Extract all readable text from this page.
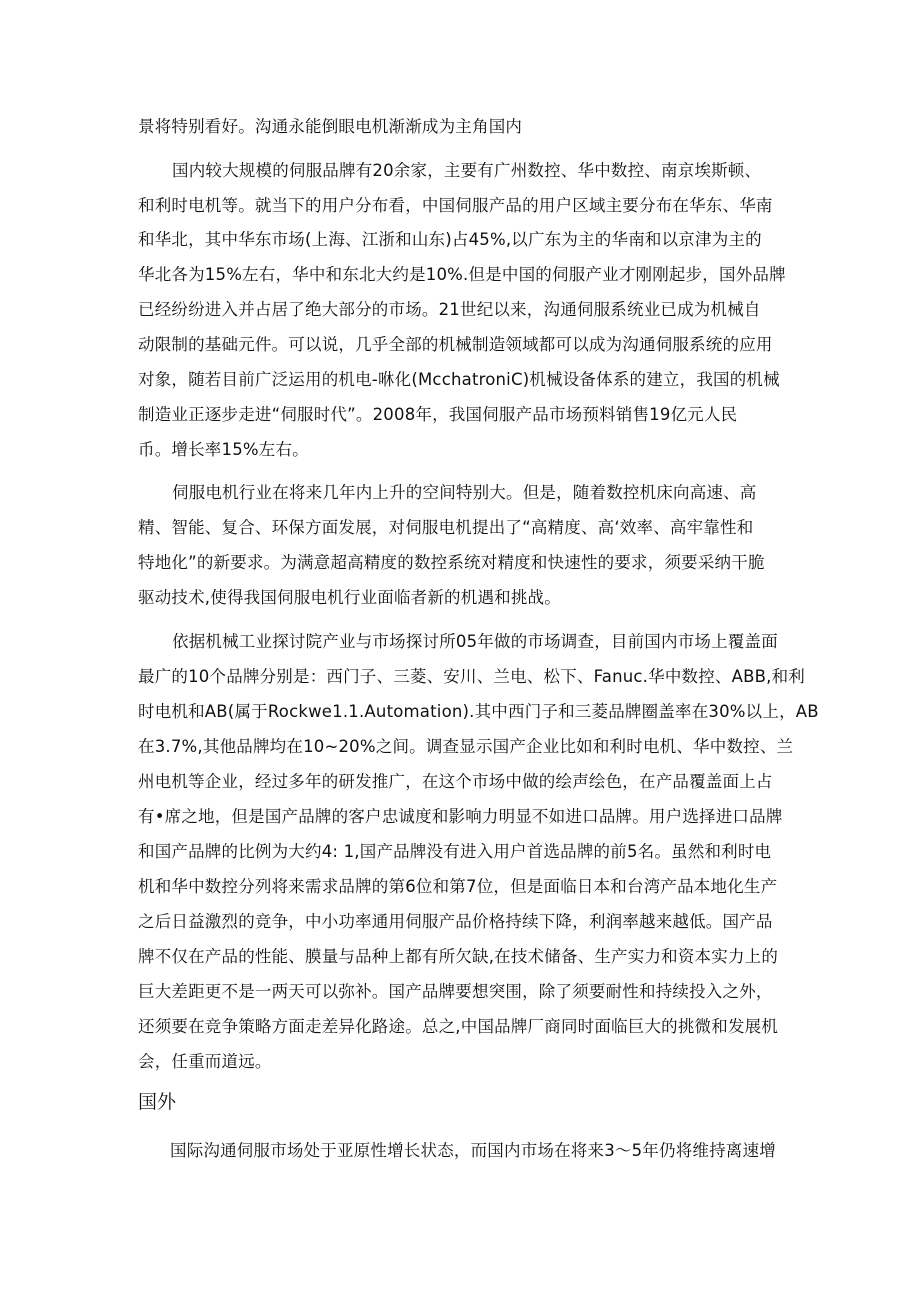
景将特别看好。沟通永能倒眼电机渐渐成为主角国内
国内较大规模的伺服品牌有20余家，主要有广州数控、华中数控、南京埃斯顿、
和利时电机等。就当下的用户分布看，中国伺服产品的用户区域主要分布在华东、华南
和华北，其中华东市场(上海、江浙和山东)占45%,以广东为主的华南和以京津为主的
华北各为15%左右，华中和东北大约是10%.但是中国的伺服产业才刚刚起步，国外品牌
已经纷纷进入并占居了绝大部分的市场。21世纪以来，沟通伺服系统业已成为机械自
动限制的基础元件。可以说，几乎全部的机械制造领域都可以成为沟通伺服系统的应用
对象，随若目前广泛运用的机电-咻化(McchatroniC)机械设备体系的建立，我国的机械
制造业正逐步走进“伺服时代”。2008年，我国伺服产品市场预料销售19亿元人民
币。增长率15%左右。
伺服电机行业在将来几年内上升的空间特别大。但是，随着数控机床向高速、高
精、智能、复合、环保方面发展，对伺服电机提出了“高精度、高‘效率、高牢靠性和
特地化”的新要求。为满意超高精度的数控系统对精度和快速性的要求，须要采纳干脆
驱动技术,使得我国伺服电机行业面临者新的机遇和挑战。
依据机械工业探讨院产业与市场探讨所05年做的市场调查，目前国内市场上覆盖面
最广的10个品牌分别是：西门子、三菱、安川、兰电、松下、Fanuc.华中数控、ABB,和利
时电机和AB(属于Rockwe1.1.Automation).其中西门子和三菱品牌圈盖率在30%以上，AB
在3.7%,其他品牌均在10~20%之间。调查显示国产企业比如和利时电机、华中数控、兰
州电机等企业，经过多年的研发推广，在这个市场中做的绘声绘色，在产品覆盖面上占
有•席之地，但是国产品牌的客户忠诚度和影响力明显不如进口品牌。用户选择进口品牌
和国产品牌的比例为大约4: 1,国产品牌没有进入用户首选品牌的前5名。虽然和利时电
机和华中数控分列将来需求品牌的第6位和第7位，但是面临日本和台湾产品本地化生产
之后日益激烈的竞争，中小功率通用伺服产品价格持续下降，利润率越来越低。国产品
牌不仅在产品的性能、膜量与品种上都有所欠缺,在技术储备、生产实力和资本实力上的
巨大差距更不是一两天可以弥补。国产品牌要想突围，除了须要耐性和持续投入之外，
还须要在竞争策略方面走差异化路途。总之,中国品牌厂商同时面临巨大的挑微和发展机
会，任重而道远。
国外
国际沟通伺服市场处于亚原性增长状态，而国内市场在将来3〜5年仍将维持离速增
